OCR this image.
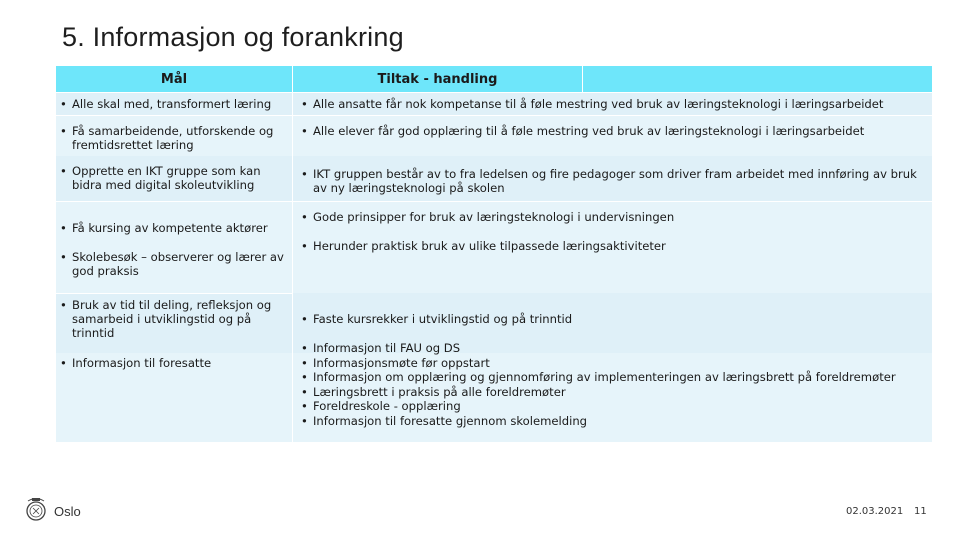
5. Informasjon og forankring
Mål	Tiltak - handling
• Alle skal med, transformert læring
• Få samarbeidende, utforskende og fremtidsrettet læring
• Opprette en IKT gruppe som kan bidra med digital skoleutvikling
• Få kursing av kompetente aktører
• Skolebesøk – observerer og lærer av god praksis
• Bruk av tid til deling, refleksjon og samarbeid i utviklingstid og på trinntid
• Informasjon til foresatte
• Alle ansatte får nok kompetanse til å føle mestring ved bruk av læringsteknologi i læringsarbeidet
• Alle elever får god opplæring til å føle mestring ved bruk av læringsteknologi i læringsarbeidet
• IKT gruppen består av to fra ledelsen og fire pedagoger som driver fram arbeidet med innføring av bruk av ny læringsteknologi på skolen
• Gode prinsipper for bruk av læringsteknologi i undervisningen
• Herunder praktisk bruk av ulike tilpassede læringsaktiviteter
• Faste kursrekker i utviklingstid og på trinntid
• Informasjon til FAU og DS
• Informasjonsmøte før oppstart
• Informasjon om opplæring og gjennomføring av implementeringen av læringsbrett på foreldremøter
• Læringsbrett i praksis på alle foreldremøter
• Foreldreskole - opplæring
• Informasjon til foresatte gjennom skolemelding
Oslo	02.03.2021 11
